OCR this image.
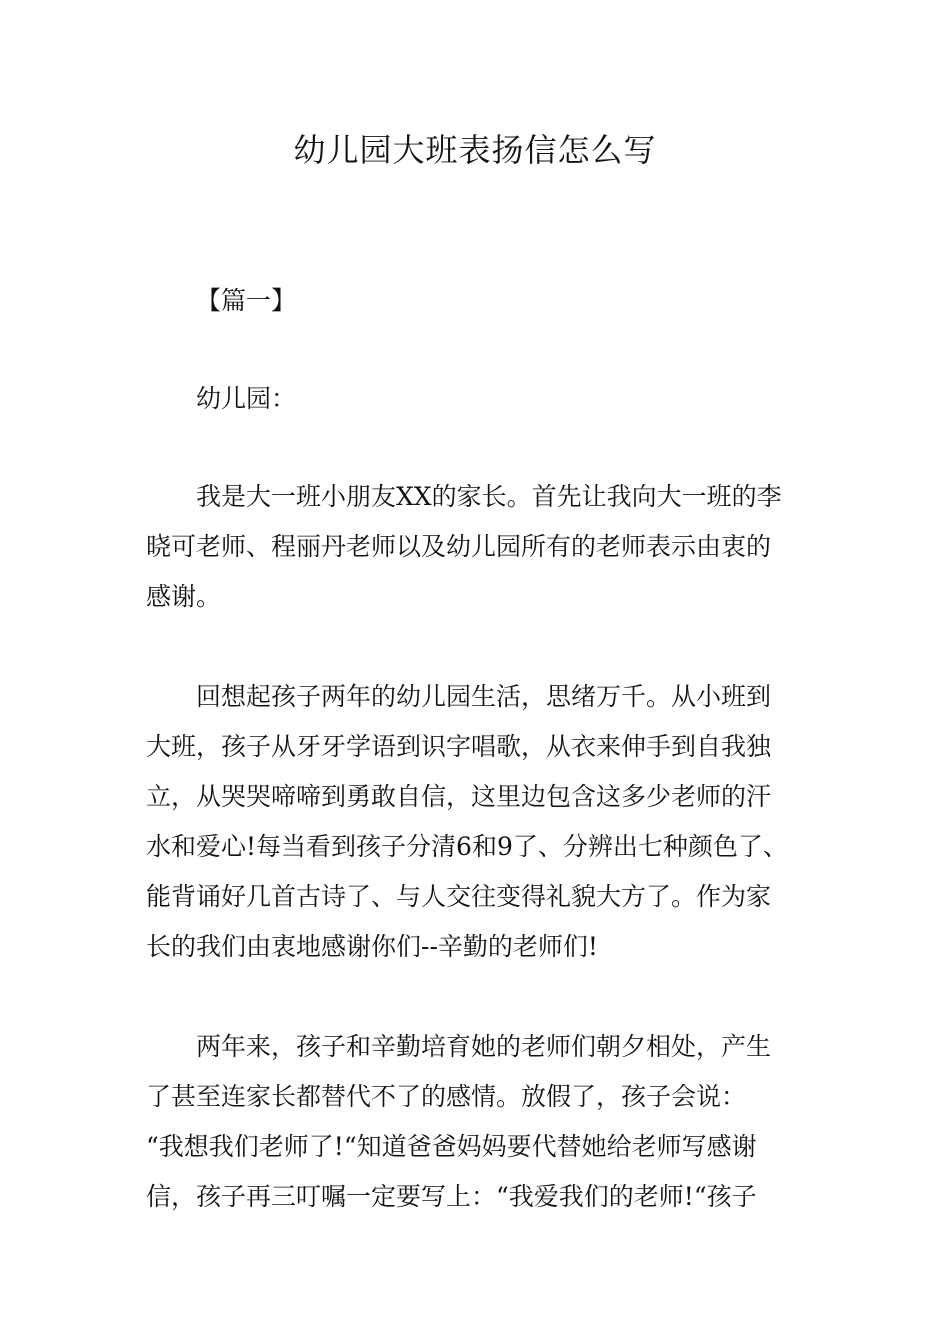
幼儿园大班表扬信怎么写

【篇一】

幼儿园：

我是大一班小朋友XX的家长。首先让我向大一班的李
晓可老师、程丽丹老师以及幼儿园所有的老师表示由衷的
感谢。

回想起孩子两年的幼儿园生活，思绪万千。从小班到
大班，孩子从牙牙学语到识字唱歌，从衣来伸手到自我独
立，从哭哭啼啼到勇敢自信，这里边包含这多少老师的汗
水和爱心!每当看到孩子分清6和9了、分辨出七种颜色了、
能背诵好几首古诗了、与人交往变得礼貌大方了。作为家
长的我们由衷地感谢你们--辛勤的老师们!

两年来，孩子和辛勤培育她的老师们朝夕相处，产生
了甚至连家长都替代不了的感情。放假了，孩子会说：
“我想我们老师了!“知道爸爸妈妈要代替她给老师写感谢
信，孩子再三叮嘱一定要写上：“我爱我们的老师!“孩子
